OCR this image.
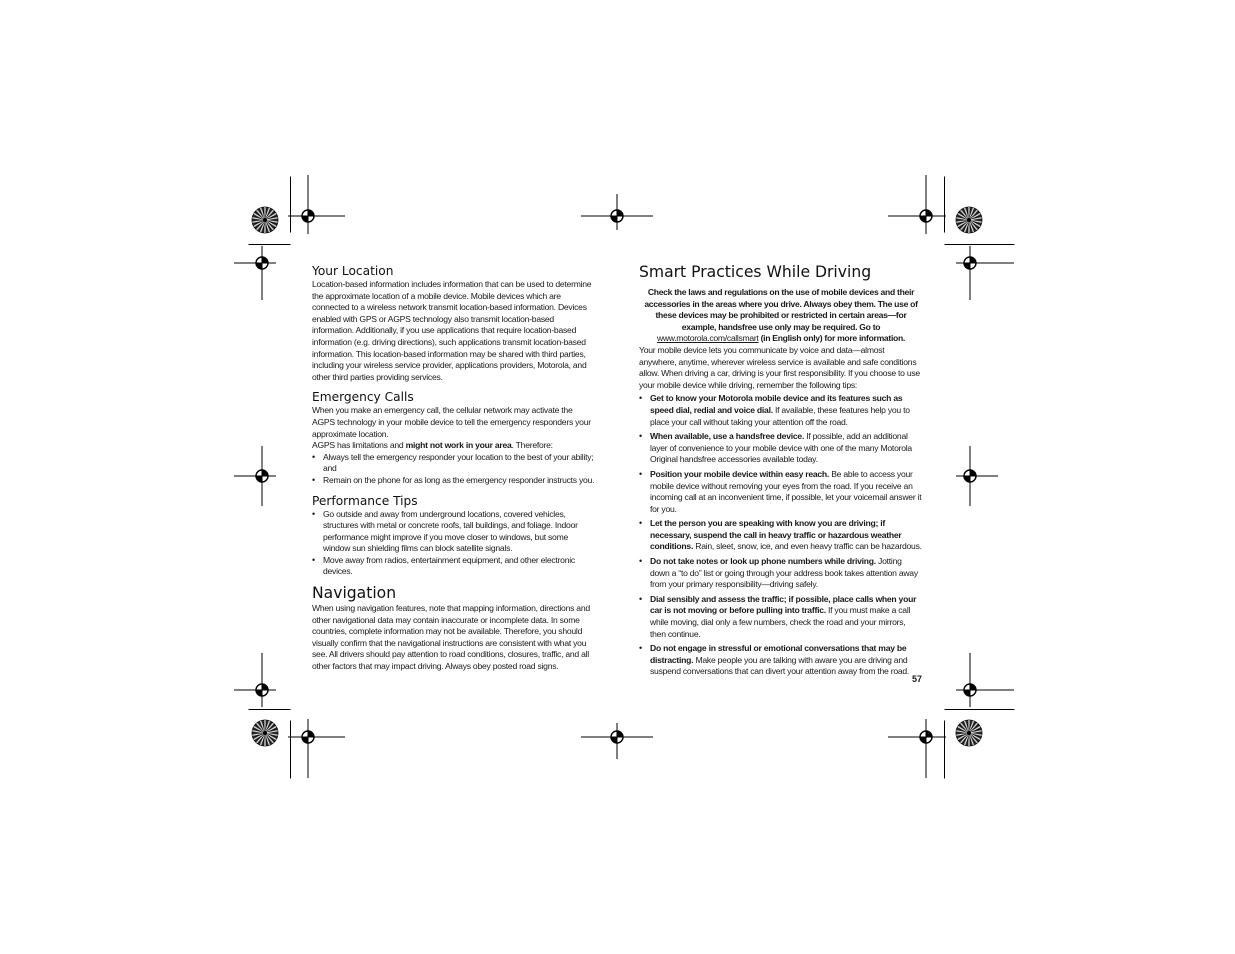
Your Location

Location-based information includes information that can be used to determine the approximate location of a mobile device. Mobile devices which are connected to a wireless network transmit location-based information. Devices enabled with GPS or AGPS technology also transmit location-based information. Additionally, if you use applications that require location-based information (e.g. driving directions), such applications transmit location-based information. This location-based information may be shared with third parties, including your wireless service provider, applications providers, Motorola, and other third parties providing services.

Emergency Calls

When you make an emergency call, the cellular network may activate the AGPS technology in your mobile device to tell the emergency responders your approximate location.

AGPS has limitations and might not work in your area. Therefore:

• Always tell the emergency responder your location to the best of your ability; and
• Remain on the phone for as long as the emergency responder instructs you.
Performance Tips
• Go outside and away from underground locations, covered vehicles, structures with metal or concrete roofs, tall buildings, and foliage. Indoor performance might improve if you move closer to windows, but some window sun shielding films can block satellite signals.
• Move away from radios, entertainment equipment, and other electronic devices.
Navigation

When using navigation features, note that mapping information, directions and other navigational data may contain inaccurate or incomplete data. In some countries, complete information may not be available. Therefore, you should visually confirm that the navigational instructions are consistent with what you see. All drivers should pay attention to road conditions, closures, traffic, and all other factors that may impact driving. Always obey posted road signs.

Smart Practices While Driving

Check the laws and regulations on the use of mobile devices and their accessories in the areas where you drive. Always obey them. The use of these devices may be prohibited or restricted in certain areas—for example, handsfree use only may be required. Go to www.motorola.com/callsmart (in English only) for more information.

Your mobile device lets you communicate by voice and data—almost anywhere, anytime, wherever wireless service is available and safe conditions allow. When driving a car, driving is your first responsibility. If you choose to use your mobile device while driving, remember the following tips:

• Get to know your Motorola mobile device and its features such as speed dial, redial and voice dial. If available, these features help you to place your call without taking your attention off the road.
• When available, use a handsfree device. If possible, add an additional layer of convenience to your mobile device with one of the many Motorola Original handsfree accessories available today.
• Position your mobile device within easy reach. Be able to access your mobile device without removing your eyes from the road. If you receive an incoming call at an inconvenient time, if possible, let your voicemail answer it for you.
• Let the person you are speaking with know you are driving; if necessary, suspend the call in heavy traffic or hazardous weather conditions. Rain, sleet, snow, ice, and even heavy traffic can be hazardous.
• Do not take notes or look up phone numbers while driving. Jotting down a “to do” list or going through your address book takes attention away from your primary responsibility—driving safely.
• Dial sensibly and assess the traffic; if possible, place calls when your car is not moving or before pulling into traffic. If you must make a call while moving, dial only a few numbers, check the road and your mirrors, then continue.
• Do not engage in stressful or emotional conversations that may be distracting. Make people you are talking with aware you are driving and suspend conversations that can divert your attention away from the road.
57
